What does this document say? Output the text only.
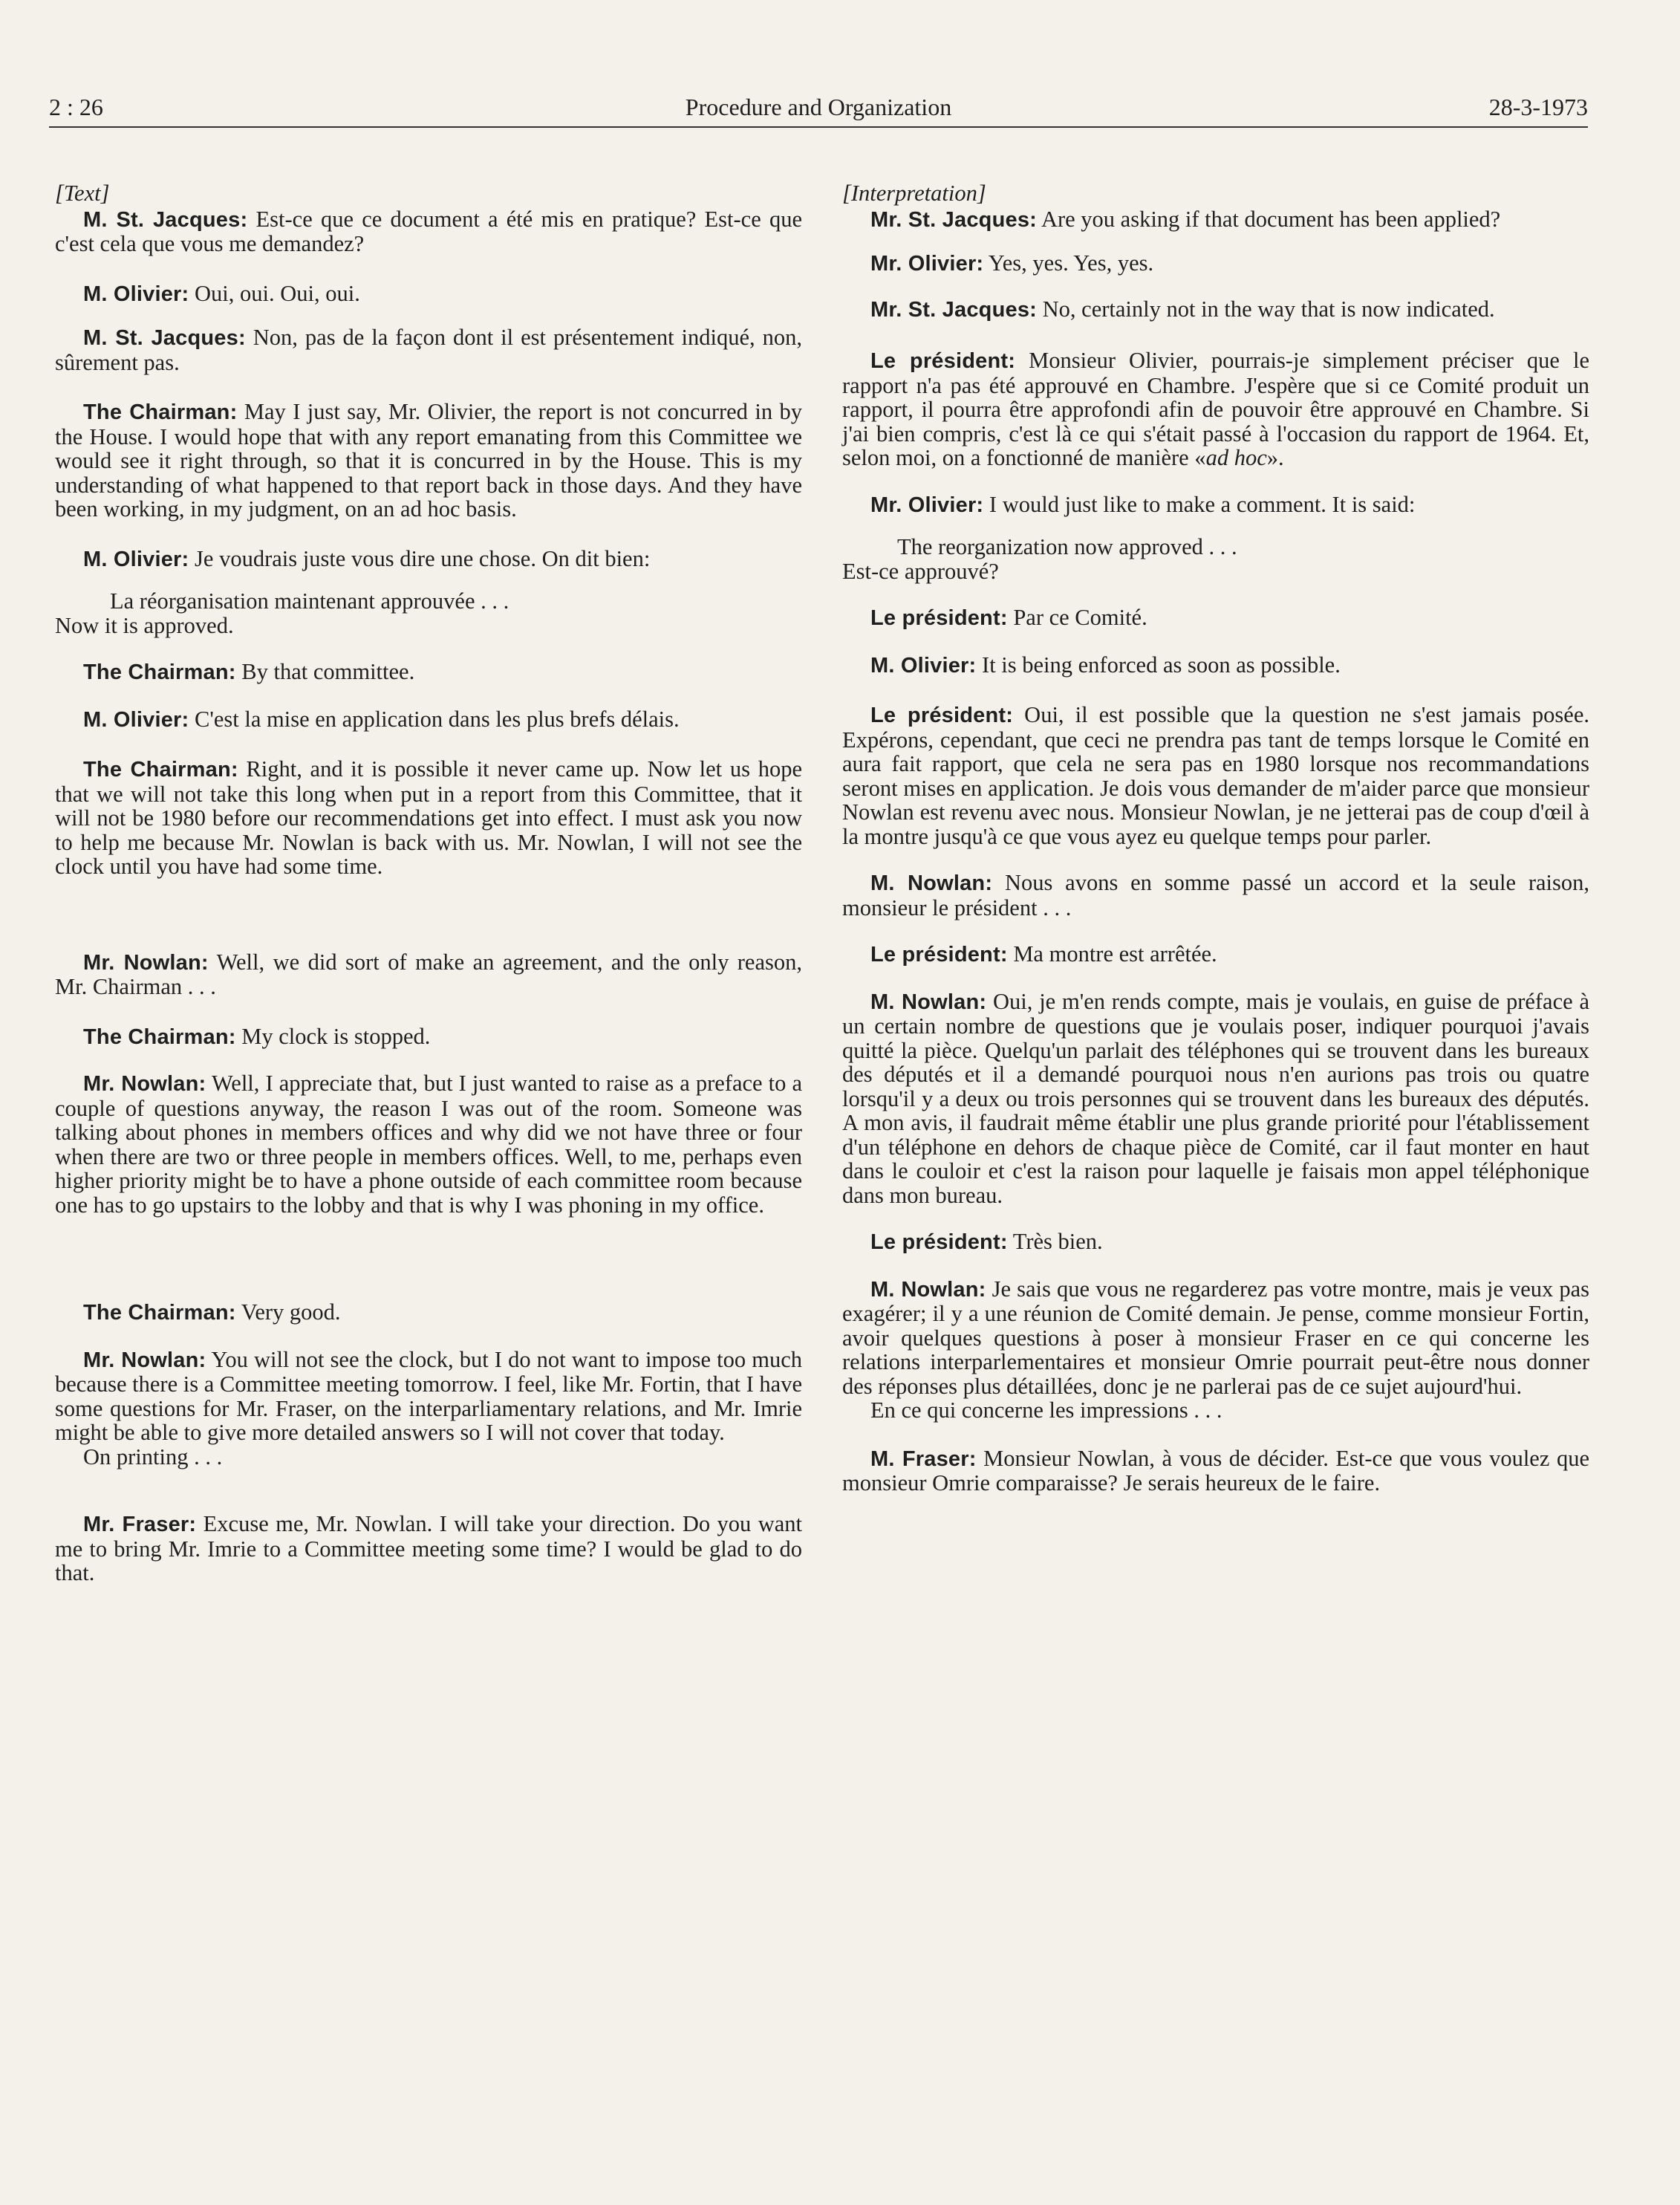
2 : 26	Procedure and Organization	28-3-1973

[Text]

M. St. Jacques: Est-ce que ce document a été mis en pratique? Est-ce que c'est cela que vous me demandez?

M. Olivier: Oui, oui. Oui, oui.

M. St. Jacques: Non, pas de la façon dont il est présentement indiqué, non, sûrement pas.

The Chairman: May I just say, Mr. Olivier, the report is not concurred in by the House. I would hope that with any report emanating from this Committee we would see it right through, so that it is concurred in by the House. This is my understanding of what happened to that report back in those days. And they have been working, in my judgment, on an ad hoc basis.

M. Olivier: Je voudrais juste vous dire une chose. On dit bien:

La réorganisation maintenant approuvée . . .

Now it is approved.

The Chairman: By that committee.

M. Olivier: C'est la mise en application dans les plus brefs délais.

The Chairman: Right, and it is possible it never came up. Now let us hope that we will not take this long when put in a report from this Committee, that it will not be 1980 before our recommendations get into effect. I must ask you now to help me because Mr. Nowlan is back with us. Mr. Nowlan, I will not see the clock until you have had some time.

Mr. Nowlan: Well, we did sort of make an agreement, and the only reason, Mr. Chairman . . .

The Chairman: My clock is stopped.

Mr. Nowlan: Well, I appreciate that, but I just wanted to raise as a preface to a couple of questions anyway, the reason I was out of the room. Someone was talking about phones in members offices and why did we not have three or four when there are two or three people in members offices. Well, to me, perhaps even higher priority might be to have a phone outside of each committee room because one has to go upstairs to the lobby and that is why I was phoning in my office.

The Chairman: Very good.

Mr. Nowlan: You will not see the clock, but I do not want to impose too much because there is a Committee meeting tomorrow. I feel, like Mr. Fortin, that I have some questions for Mr. Fraser, on the interparliamentary relations, and Mr. Imrie might be able to give more detailed answers so I will not cover that today.

On printing . . .

Mr. Fraser: Excuse me, Mr. Nowlan. I will take your direction. Do you want me to bring Mr. Imrie to a Committee meeting some time? I would be glad to do that.

[Interpretation]

Mr. St. Jacques: Are you asking if that document has been applied?

Mr. Olivier: Yes, yes. Yes, yes.

Mr. St. Jacques: No, certainly not in the way that is now indicated.

Le président: Monsieur Olivier, pourrais-je simplement préciser que le rapport n'a pas été approuvé en Chambre. J'espère que si ce Comité produit un rapport, il pourra être approfondi afin de pouvoir être approuvé en Chambre. Si j'ai bien compris, c'est là ce qui s'était passé à l'occasion du rapport de 1964. Et, selon moi, on a fonctionné de manière «ad hoc».

Mr. Olivier: I would just like to make a comment. It is said:

The reorganization now approved . . .

Est-ce approuvé?

Le président: Par ce Comité.

M. Olivier: It is being enforced as soon as possible.

Le président: Oui, il est possible que la question ne s'est jamais posée. Expérons, cependant, que ceci ne prendra pas tant de temps lorsque le Comité en aura fait rapport, que cela ne sera pas en 1980 lorsque nos recommandations seront mises en application. Je dois vous demander de m'aider parce que monsieur Nowlan est revenu avec nous. Monsieur Nowlan, je ne jetterai pas de coup d'œil à la montre jusqu'à ce que vous ayez eu quelque temps pour parler.

M. Nowlan: Nous avons en somme passé un accord et la seule raison, monsieur le président . . .

Le président: Ma montre est arrêtée.

M. Nowlan: Oui, je m'en rends compte, mais je voulais, en guise de préface à un certain nombre de questions que je voulais poser, indiquer pourquoi j'avais quitté la pièce. Quelqu'un parlait des téléphones qui se trouvent dans les bureaux des députés et il a demandé pourquoi nous n'en aurions pas trois ou quatre lorsqu'il y a deux ou trois personnes qui se trouvent dans les bureaux des députés. A mon avis, il faudrait même établir une plus grande priorité pour l'établissement d'un téléphone en dehors de chaque pièce de Comité, car il faut monter en haut dans le couloir et c'est la raison pour laquelle je faisais mon appel téléphonique dans mon bureau.

Le président: Très bien.

M. Nowlan: Je sais que vous ne regarderez pas votre montre, mais je veux pas exagérer; il y a une réunion de Comité demain. Je pense, comme monsieur Fortin, avoir quelques questions à poser à monsieur Fraser en ce qui concerne les relations interparlementaires et monsieur Omrie pourrait peut-être nous donner des réponses plus détaillées, donc je ne parlerai pas de ce sujet aujourd'hui.

En ce qui concerne les impressions . . .

M. Fraser: Monsieur Nowlan, à vous de décider. Est-ce que vous voulez que monsieur Omrie comparaisse? Je serais heureux de le faire.
